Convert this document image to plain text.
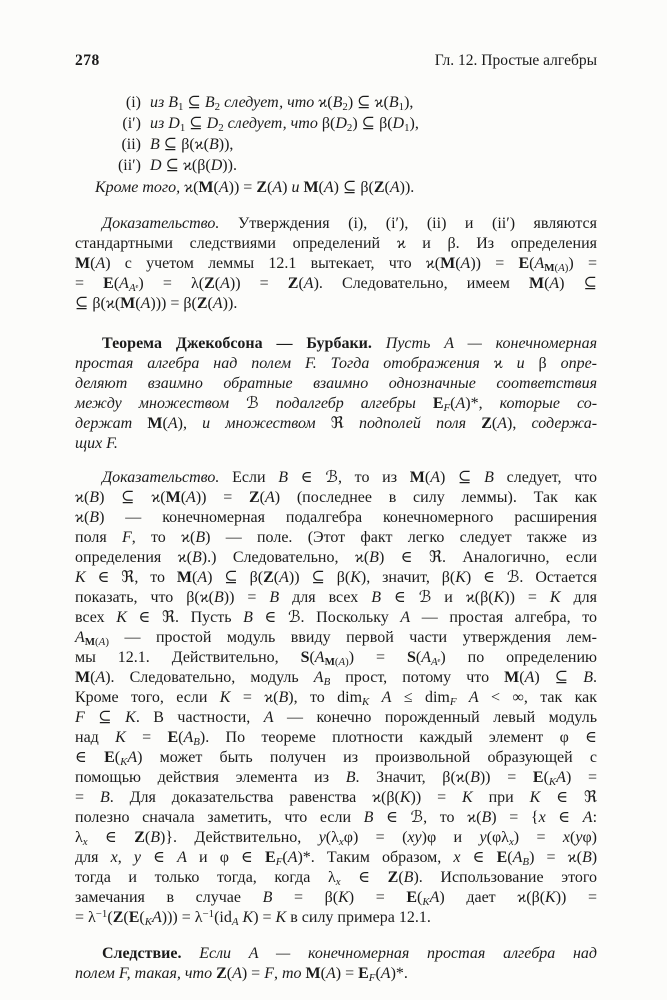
278	Гл. 12. Простые алгебры
(i) из $B_1$ ⊆ $B_2$ следует, что $ϰ(B_2)$ ⊆ $ϰ(B_1)$,
(i′) из $D_1$ ⊆ $D_2$ следует, что $\beta(D_2)$ ⊆ $\beta(D_1)$,
(ii) B ⊆ β(ϰ(B)),
(ii′) D ⊆ ϰ(β(D)).
Кроме того, ϰ(M(A)) = Z(A) и M(A) ⊆ β(Z(A)).
Доказательство. Утверждения (i), (i′), (ii) и (ii′) являются
стандартными следствиями определений ϰ и β. Из определения
M(A) с учетом леммы 12.1 вытекает, что $ϰ(M(A)) = E(A_{M(A)})$ =
= $E(A_{Aᵉ}) = \lambda(Z(A)) = Z(A)$. Следовательно, имеем M(A) ⊆
⊆ β(ϰ(M(A))) = β(Z(A)).
Теорема Джекобсона — Бурбаки. Пусть A — конечномерная
простая алгебра над полем F. Тогда отображения ϰ и β опре-
деляют взаимно обратные взаимно однозначные соответствия
между множеством ℬ подалгебр алгебры $E_F(A)*$, которые со-
держат M(A), и множеством ℜ подполей поля Z(A), содержа-
щих F.
Доказательство. Если B ∈ ℬ, то из M(A) ⊆ B следует, что
ϰ(B) ⊆ ϰ(M(A)) = Z(A) (последнее в силу леммы). Так как
ϰ(B) — конечномерная подалгебра конечномерного расширения
поля F, то ϰ(B) — поле. (Этот факт легко следует также из
определения ϰ(B).) Следовательно, ϰ(B) ∈ ℜ. Аналогично, если
K ∈ ℜ, то M(A) ⊆ β(Z(A)) ⊆ β(K), значит, β(K) ∈ ℬ. Остается
показать, что β(ϰ(B)) = B для всех B ∈ ℬ и ϰ(β(K)) = K для
всех K ∈ ℜ. Пусть B ∈ ℬ. Поскольку A — простая алгебра, то
$A_{M(A)}$ — простой модуль ввиду первой части утверждения лем-
мы 12.1. Действительно, $S(A_{M(A)}) = S(A_{Aᵉ})$ по определению
M(A). Следовательно, модуль $A_B$ прост, потому что M(A) ⊆ B.
Кроме того, если K = ϰ(B), то dim$_K$ A ≤ dim$_F$ A < ∞, так как
F ⊆ K. В частности, A — конечно порожденный левый модуль
над $K = E(A_B)$. По теореме плотности каждый элемент φ ∈
∈ $E(_KA)$ может быть получен из произвольной образующей с
помощью действия элемента из B. Значит, $\beta(ϰ(B)) = E(_KA)$ =
= B. Для доказательства равенства ϰ(β(K)) = K при K ∈ ℜ
полезно сначала заметить, что если B ∈ ℬ, то ϰ(B) = {x ∈ A:
$\lambda_x$ ∈ Z(B)}. Действительно, $y(\lambda_x\varphi) = (xy)\varphi$ и $y(\varphi\lambda_x) = x(y\varphi)$
для x, y ∈ A и φ ∈ $E_F(A)*$. Таким образом, x ∈ $E(A_B) = ϰ(B)$
тогда и только тогда, когда $\lambda_x$ ∈ Z(B). Использование этого
замечания в случае $B = \beta(K) = E(_KA)$ дает ϰ(β(K)) =
= $\lambda^{-1}(Z(E(_KA))) = \lambda^{-1}(id_A$ K) = K в силу примера 12.1.
Следствие. Если A — конечномерная простая алгебра над
полем F, такая, что Z(A) = F, то $M(A) = E_F(A)*$.
